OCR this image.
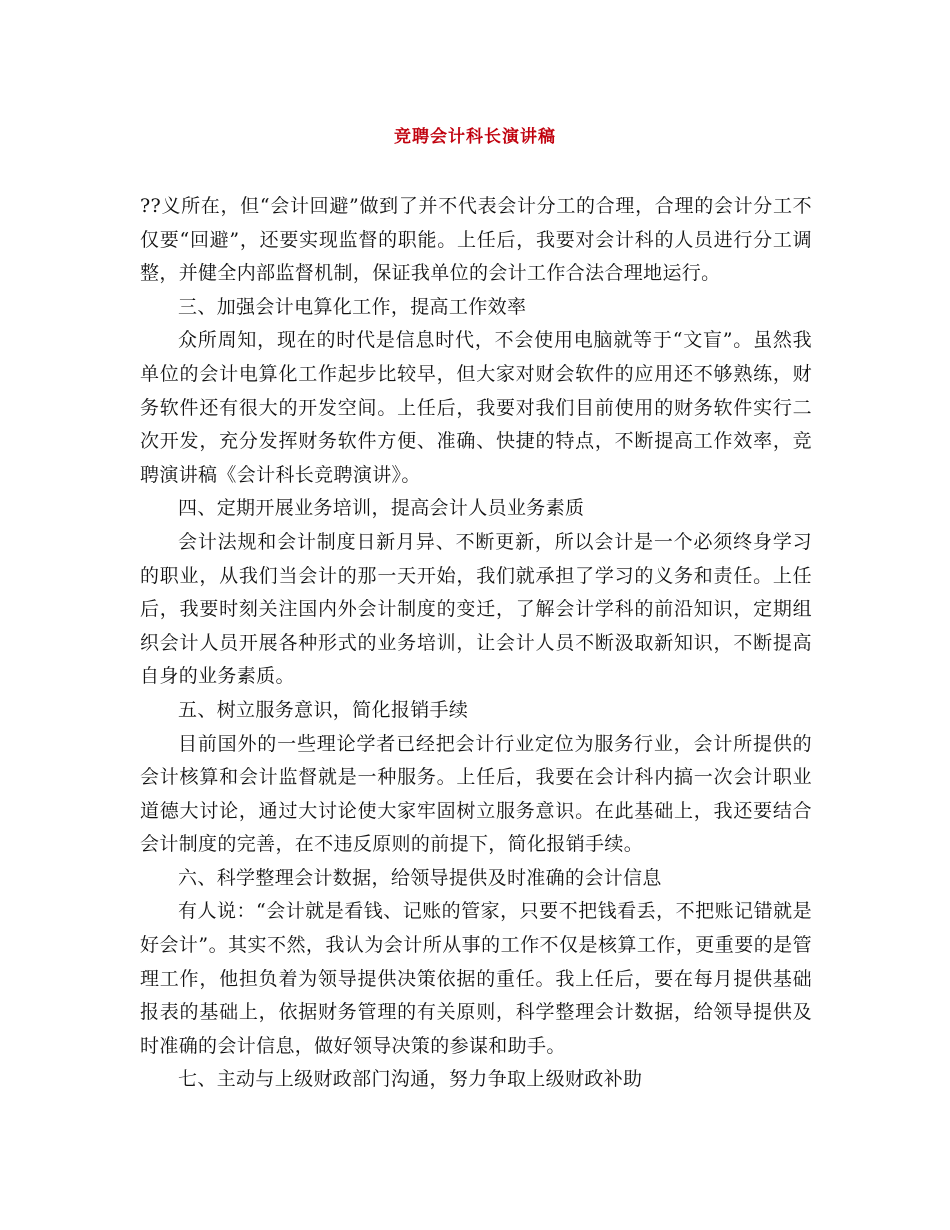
竞聘会计科长演讲稿

??义所在，但“会计回避”做到了并不代表会计分工的合理，合理的会计分工不仅要“回避”，还要实现监督的职能。上任后，我要对会计科的人员进行分工调整，并健全内部监督机制，保证我单位的会计工作合法合理地运行。

三、加强会计电算化工作，提高工作效率

众所周知，现在的时代是信息时代，不会使用电脑就等于“文盲”。虽然我单位的会计电算化工作起步比较早，但大家对财会软件的应用还不够熟练，财务软件还有很大的开发空间。上任后，我要对我们目前使用的财务软件实行二次开发，充分发挥财务软件方便、准确、快捷的特点，不断提高工作效率，竞聘演讲稿《会计科长竞聘演讲》。

四、定期开展业务培训，提高会计人员业务素质

会计法规和会计制度日新月异、不断更新，所以会计是一个必须终身学习的职业，从我们当会计的那一天开始，我们就承担了学习的义务和责任。上任后，我要时刻关注国内外会计制度的变迁，了解会计学科的前沿知识，定期组织会计人员开展各种形式的业务培训，让会计人员不断汲取新知识，不断提高自身的业务素质。

五、树立服务意识，简化报销手续

目前国外的一些理论学者已经把会计行业定位为服务行业，会计所提供的会计核算和会计监督就是一种服务。上任后，我要在会计科内搞一次会计职业道德大讨论，通过大讨论使大家牢固树立服务意识。在此基础上，我还要结合会计制度的完善，在不违反原则的前提下，简化报销手续。

六、科学整理会计数据，给领导提供及时准确的会计信息

有人说：“会计就是看钱、记账的管家，只要不把钱看丢，不把账记错就是好会计”。其实不然，我认为会计所从事的工作不仅是核算工作，更重要的是管理工作，他担负着为领导提供决策依据的重任。我上任后，要在每月提供基础报表的基础上，依据财务管理的有关原则，科学整理会计数据，给领导提供及时准确的会计信息，做好领导决策的参谋和助手。

七、主动与上级财政部门沟通，努力争取上级财政补助
